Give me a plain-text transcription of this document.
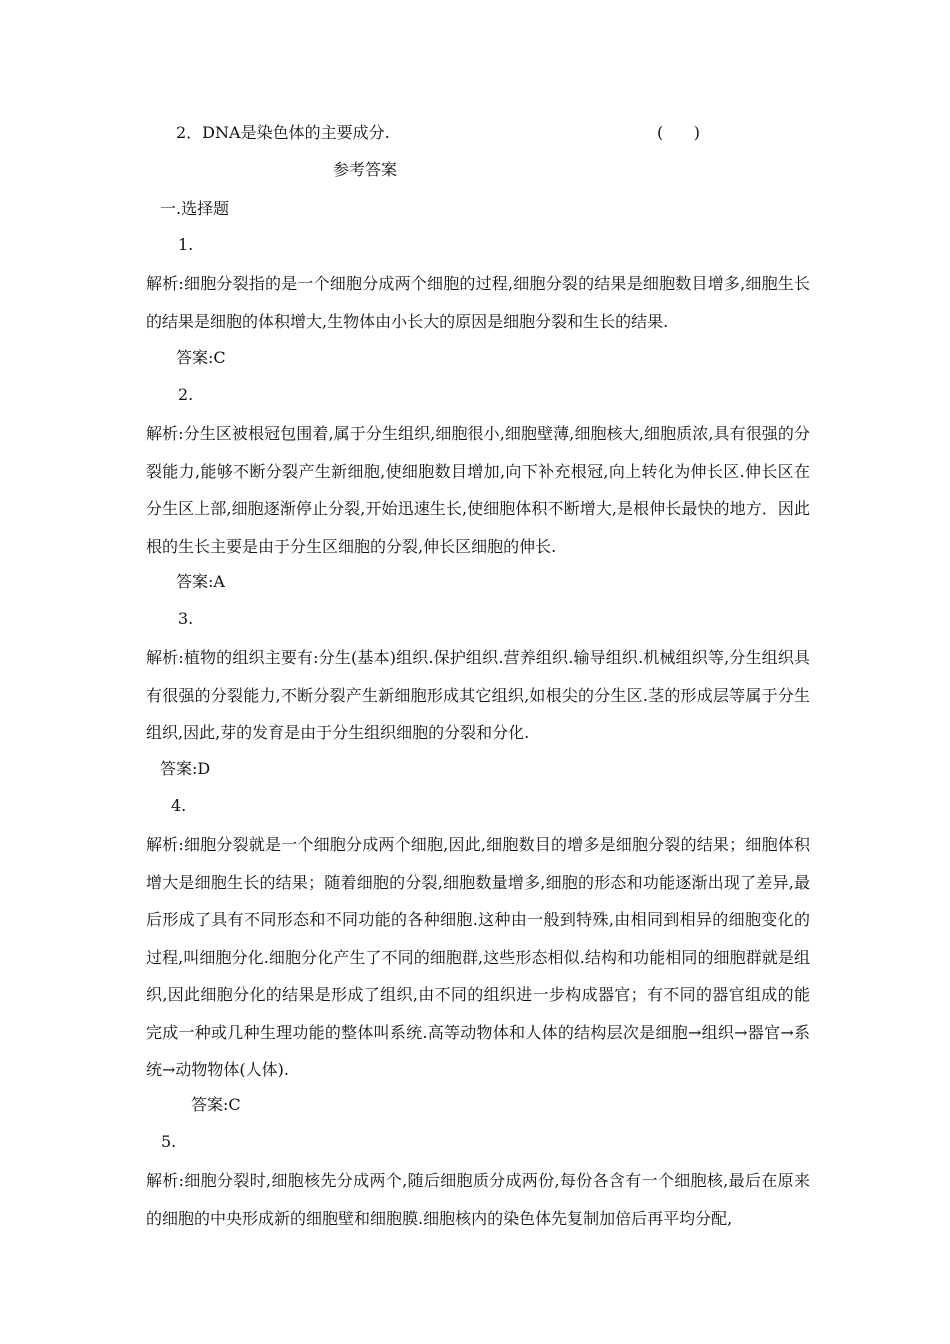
2．DNA是染色体的主要成分.	(      )
参考答案
一.选择题
1.
解析:细胞分裂指的是一个细胞分成两个细胞的过程,细胞分裂的结果是细胞数目增多,细胞生长的结果是细胞的体积增大,生物体由小长大的原因是细胞分裂和生长的结果.
答案:C
2.
解析:分生区被根冠包围着,属于分生组织,细胞很小,细胞壁薄,细胞核大,细胞质浓,具有很强的分裂能力,能够不断分裂产生新细胞,使细胞数目增加,向下补充根冠,向上转化为伸长区.伸长区在分生区上部,细胞逐渐停止分裂,开始迅速生长,使细胞体积不断增大,是根伸长最快的地方．因此根的生长主要是由于分生区细胞的分裂,伸长区细胞的伸长.
答案:A
3.
解析:植物的组织主要有:分生(基本)组织.保护组织.营养组织.输导组织.机械组织等,分生组织具有很强的分裂能力,不断分裂产生新细胞形成其它组织,如根尖的分生区.茎的形成层等属于分生组织,因此,芽的发育是由于分生组织细胞的分裂和分化.
答案:D
4.
解析:细胞分裂就是一个细胞分成两个细胞,因此,细胞数目的增多是细胞分裂的结果；细胞体积增大是细胞生长的结果；随着细胞的分裂,细胞数量增多,细胞的形态和功能逐渐出现了差异,最后形成了具有不同形态和不同功能的各种细胞.这种由一般到特殊,由相同到相异的细胞变化的过程,叫细胞分化.细胞分化产生了不同的细胞群,这些形态相似.结构和功能相同的细胞群就是组织,因此细胞分化的结果是形成了组织,由不同的组织进一步构成器官；有不同的器官组成的能完成一种或几种生理功能的整体叫系统.高等动物体和人体的结构层次是细胞→组织→器官→系统→动物物体(人体).
答案:C
5.
解析:细胞分裂时,细胞核先分成两个,随后细胞质分成两份,每份各含有一个细胞核,最后在原来的细胞的中央形成新的细胞壁和细胞膜.细胞核内的染色体先复制加倍后再平均分配,
